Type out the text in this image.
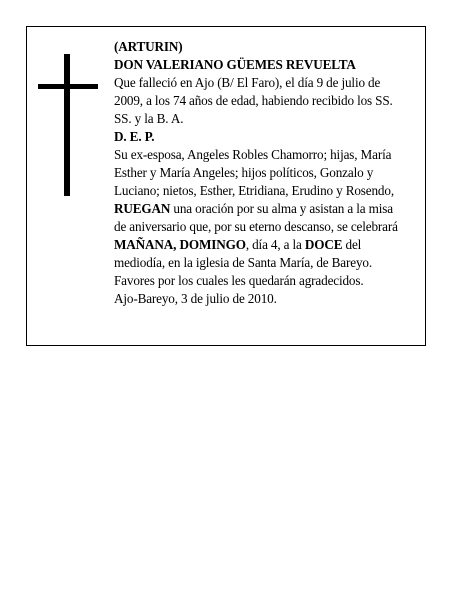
(ARTURIN)
DON VALERIANO GÜEMES REVUELTA
Que falleció en Ajo (B/ El Faro), el día 9 de julio de
2009, a los 74 años de edad, habiendo recibido los SS.
SS. y la B. A.
D. E. P.
Su ex-esposa, Angeles Robles Chamorro; hijas, María
Esther y María Angeles; hijos políticos, Gonzalo y
Luciano; nietos, Esther, Etridiana, Erudino y Rosendo,
RUEGAN una oración por su alma y asistan a la misa
de aniversario que, por su eterno descanso, se celebrará
MAÑANA, DOMINGO, día 4, a la DOCE del
mediodía, en la iglesia de Santa María, de Bareyo.
Favores por los cuales les quedarán agradecidos.
Ajo-Bareyo, 3 de julio de 2010.
